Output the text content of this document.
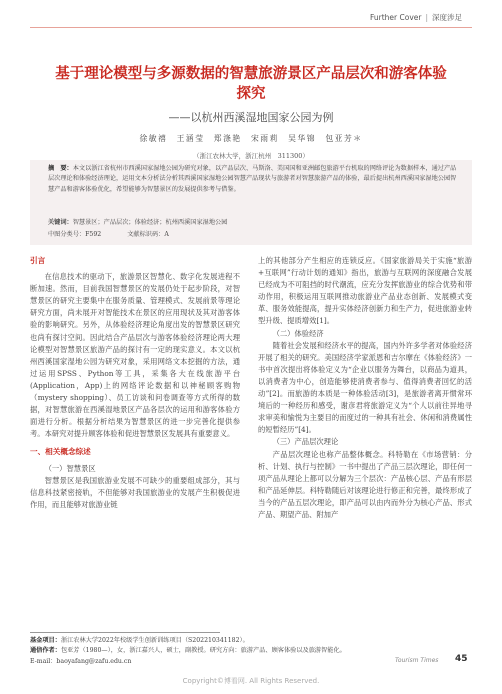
Further Cover | 深度涉足
基于理论模型与多源数据的智慧旅游景区产品层次和游客体验探究
——以杭州西溪湿地国家公园为例
徐敏禧　王涵莹　郑涤艳　宋雨莉　吴华锦　包亚芳＊
（浙江农林大学，浙江杭州　311300）
摘　要：本文以浙江省杭州市西溪国家湿地公园为研究对象，以产品层次、马斯洛、美国国和亚洲邮包旅游平台机取的网络评论为数据样本，通过产品层次理论和体验经济理论，运用文本分析法分析其西溪国家湿地公园智慧产品现状与旅游者对智慧旅游产品的体验，最后提出杭州西溪国家湿地公园智慧产品和游客体验优化，希望能够为智慧景区的发展提供参考与借鉴。
关键词：智慧景区；产品层次；体验经济；杭州西溪国家湿地公园
中图分类号：F592	文献标识码：A

引言

在信息技术的驱动下，旅游景区智慧化、数字化发展进程不断加速。然而，目前我国智慧景区的发展仍处于起步阶段，对智慧景区的研究主要集中在服务质量、管理模式、发展前景等理论研究方面，尚未展开对智能技术在景区的应用现状及其对游客体验的影响研究。另外，从体验经济理论角度出发的智慧景区研究也尚有探讨空间。因此结合产品层次与游客体验经济理论两大理论模型对智慧景区旅游产品的探讨有一定的现实意义。本文以杭州西溪国家湿地公园为研究对象，采用网络文本挖掘的方法，通过运用SPSS、Python等工具，采集各大在线旅游平台(Application，App)上的网络评论数据和以神秘顾客购物（mystery shopping）、员工访谈和问卷调查等方式所得的数据，对智慧旅游在西溪湿地景区产品各层次的运用和游客体验方面进行分析。根据分析结果为智慧景区的进一步完善化提供参考。本研究对提升顾客体验和促进智慧景区发展具有重要意义。

一、相关概念综述

（一）智慧景区

智慧景区是我国旅游业发展不可缺少的重要组成部分，其与信息科技紧密接轨，不但能够对我国旅游业的发展产生积极促进作用，而且能够对旅游业链

上的其他部分产生相应的连锁反应。《国家旅游局关于实施“旅游+互联网”行动计划的通知》指出，旅游与互联网的深度融合发展已经成为不可阻挡的时代潮流，应充分发挥旅游业的综合优势和带动作用，积极运用互联网推动旅游业产品业态创新、发展模式变革、服务效能提高，提升实体经济创新力和生产力，促进旅游业转型升级、提质增效[1]。

（二）体验经济

随着社会发展和经济水平的提高，国内外许多学者对体验经济开展了相关的研究。美国经济学家派恩和吉尔摩在《体验经济》一书中首次提出将体验定义为“企业以服务为舞台，以商品为道具，以消费者为中心，创造能够使消费者参与、值得消费者回忆的活动”[2]。而旅游的本质是一种体验活动[3]，是旅游者离开惯常环境后的一种经历和感受，谢彦君将旅游定义为“个人以前往异地寻求审美和愉悦为主要目的而度过的一种具有社会、休闲和消费属性的短暂经历”[4]。

（三）产品层次理论

产品层次理论也称产品整体概念。科特勒在《市场营销：分析、计划、执行与控制》一书中提出了产品三层次理论，即任何一项产品从理论上都可以分解为三个层次：产品核心层、产品有形层和产品延伸层。科特勒随后对该理论进行修正和完善，最终形成了当今的产品五层次理论，即产品可以由内而外分为核心产品、形式产品、期望产品、附加产

基金项目：浙江农林大学2022年校级学生创新训练项目（S202210341182）。
通信作者：包亚芳（1980—），女，浙江嘉兴人，硕士，副教授。研究方向：旅游产品、顾客体验以及旅游智能化。
E-mail：baoyafang@zafu.edu.cn	Tourism Times 45
Copyright©博看网. All Rights Reserved.
